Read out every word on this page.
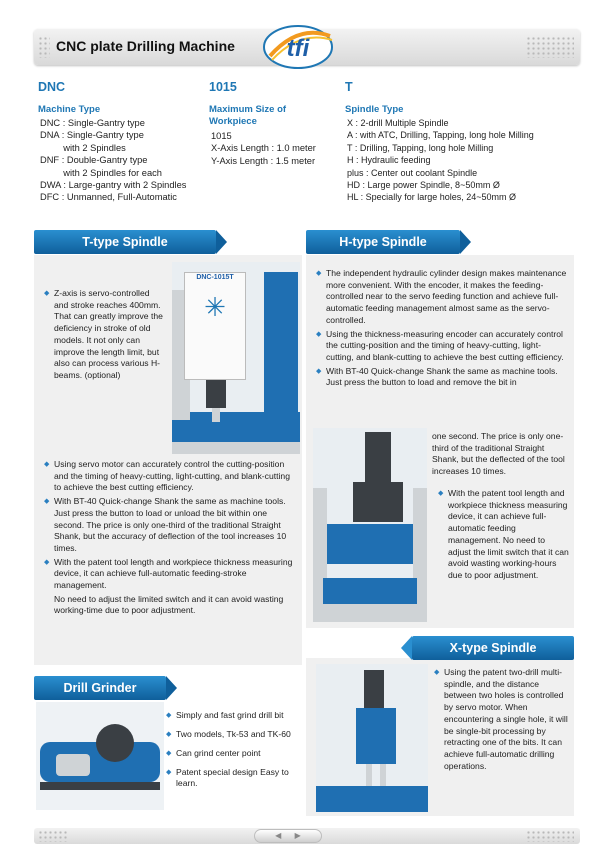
CNC plate Drilling Machine tfi
DNC
Machine Type
DNC : Single-Gantry type
DNA : Single-Gantry type
with 2 Spindles
DNF : Double-Gantry type
with 2 Spindles for each
DWA : Large-gantry with 2 Spindles
DFC : Unmanned, Full-Automatic
1015
Maximum Size of
Workpiece
1015
X-Axis Length : 1.0 meter
Y-Axis Length : 1.5 meter
T
Spindle Type
X : 2-drill Multiple Spindle
A : with ATC, Drilling, Tapping, long hole Milling
T : Drilling, Tapping, long hole Milling
H : Hydraulic feeding
plus : Center out coolant Spindle
HD : Large power Spindle, 8~50mm Ø
HL : Specially for large holes, 24~50mm Ø
T-type Spindle
DNC-1015T
✳

◆ Z-axis is servo-controlled and stroke reaches 400mm. That can greatly improve the deficiency in stroke of old models. It not only can improve the length limit, but also can process various H-beams. (optional)

◆ Using servo motor can accurately control the cutting-position and the timing of heavy-cutting, light-cutting, and blank-cutting to achieve the best cutting efficiency.

◆ With BT-40 Quick-change Shank the same as machine tools. Just press the button to load or unload the bit within one second. The price is only one-third of the traditional Straight Shank, but the accuracy of deflection of the tool increases 10 times.

◆ With the patent tool length and workpiece thickness measuring device, it can achieve full-automatic feeding-stroke management.

No need to adjust the limited switch and it can avoid wasting working-time due to poor adjustment.
H-type Spindle

◆ The independent hydraulic cylinder design makes maintenance more convenient. With the encoder, it makes the feeding-controlled near to the servo feeding function and achieve full-automatic feeding management almost same as the servo-controlled.

◆ Using the thickness-measuring encoder can accurately control the cutting-position and the timing of heavy-cutting, light-cutting, and blank-cutting to achieve the best cutting efficiency.

◆ With BT-40 Quick-change Shank the same as machine tools. Just press the button to load and remove the bit in

one second. The price is only one-third of the traditional Straight Shank, but the deflected of the tool increases 10 times.

◆ With the patent tool length and workpiece thickness measuring device, it can achieve full-automatic feeding management. No need to adjust the limit switch that it can avoid wasting working-hours due to poor adjustment.

Drill Grinder

◆ Simply and fast grind drill bit

◆ Two models, Tk-53 and TK-60

◆ Can grind center point

◆ Patent special design Easy to learn.

X-type Spindle

◆ Using the patent two-drill multi-spindle, and the distance between two holes is controlled by servo motor. When encountering a single hole, it will be single-bit processing by retracting one of the bits. It can achieve full-automatic drilling operations.

◀ ▶
